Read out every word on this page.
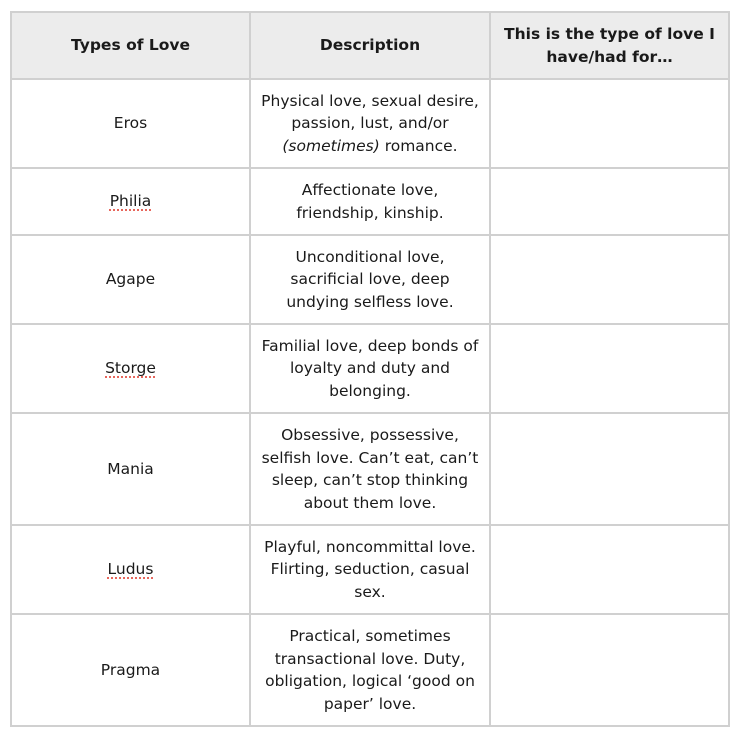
Types of Love	Description	This is the type of love I have/had for…
Eros	Physical love, sexual desire, passion, lust, and/or (sometimes) romance.	
Philia	Affectionate love, friendship, kinship.	
Agape	Unconditional love, sacrificial love, deep undying selfless love.	
Storge	Familial love, deep bonds of loyalty and duty and belonging.	
Mania	Obsessive, possessive, selfish love. Can’t eat, can’t sleep, can’t stop thinking about them love.	
Ludus	Playful, noncommittal love. Flirting, seduction, casual sex.	
Pragma	Practical, sometimes transactional love. Duty, obligation, logical ‘good on paper’ love.	
